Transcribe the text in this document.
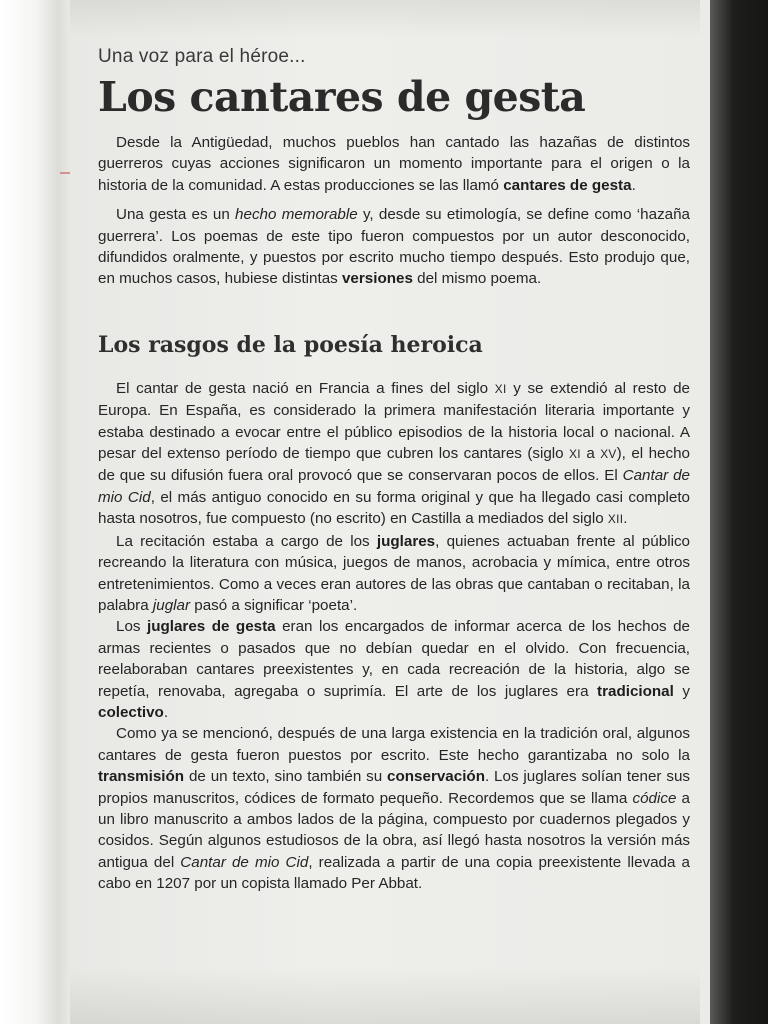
Una voz para el héroe...
Los cantares de gesta

Desde la Antigüedad, muchos pueblos han cantado las hazañas de distintos guerreros cuyas acciones significaron un momento importante para el origen o la historia de la comunidad. A estas producciones se las llamó cantares de gesta.

Una gesta es un hecho memorable y, desde su etimología, se define como ‘hazaña guerrera’. Los poemas de este tipo fueron compuestos por un autor desconocido, difundidos oralmente, y puestos por escrito mucho tiempo después. Esto produjo que, en muchos casos, hubiese distintas versiones del mismo poema.

Los rasgos de la poesía heroica

El cantar de gesta nació en Francia a fines del siglo XI y se extendió al resto de Europa. En España, es considerado la primera manifestación literaria importante y estaba destinado a evocar entre el público episodios de la historia local o nacional. A pesar del extenso período de tiempo que cubren los cantares (siglo XI a XV), el hecho de que su difusión fuera oral provocó que se conservaran pocos de ellos. El Cantar de mio Cid, el más antiguo conocido en su forma original y que ha llegado casi completo hasta nosotros, fue compuesto (no escrito) en Castilla a mediados del siglo XII.

La recitación estaba a cargo de los juglares, quienes actuaban frente al público recreando la literatura con música, juegos de manos, acrobacia y mímica, entre otros entretenimientos. Como a veces eran autores de las obras que cantaban o recitaban, la palabra juglar pasó a significar ‘poeta’.

Los juglares de gesta eran los encargados de informar acerca de los hechos de armas recientes o pasados que no debían quedar en el olvido. Con frecuencia, reelaboraban cantares preexistentes y, en cada recreación de la historia, algo se repetía, renovaba, agregaba o suprimía. El arte de los juglares era tradicional y colectivo.

Como ya se mencionó, después de una larga existencia en la tradición oral, algunos cantares de gesta fueron puestos por escrito. Este hecho garantizaba no solo la transmisión de un texto, sino también su conservación. Los juglares solían tener sus propios manuscritos, códices de formato pequeño. Recordemos que se llama códice a un libro manuscrito a ambos lados de la página, compuesto por cuadernos plegados y cosidos. Según algunos estudiosos de la obra, así llegó hasta nosotros la versión más antigua del Cantar de mio Cid, realizada a partir de una copia preexistente llevada a cabo en 1207 por un copista llamado Per Abbat.
